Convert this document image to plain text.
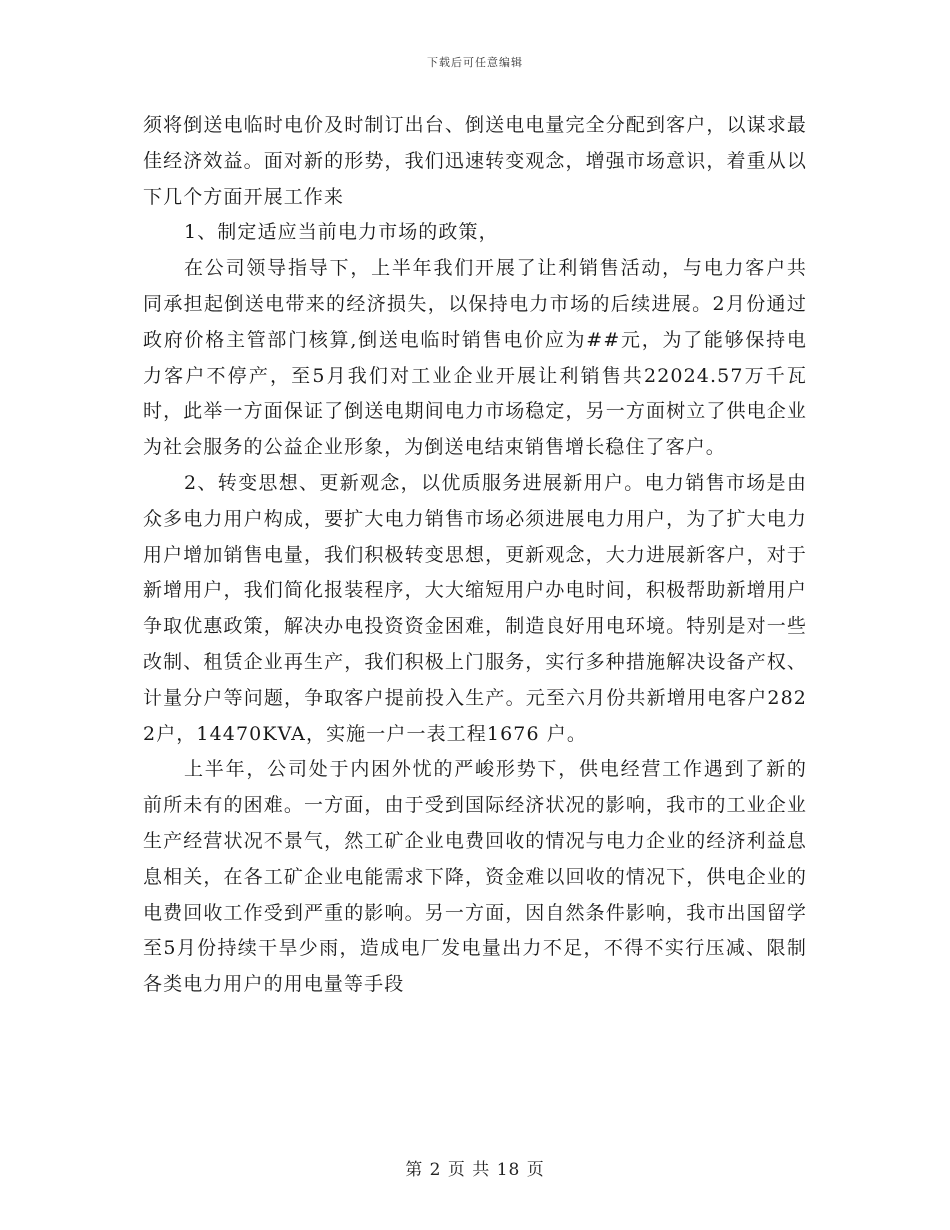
下载后可任意编辑

须将倒送电临时电价及时制订出台、倒送电电量完全分配到客户，以谋求最佳经济效益。面对新的形势，我们迅速转变观念，增强市场意识，着重从以下几个方面开展工作来

1、制定适应当前电力市场的政策，

在公司领导指导下，上半年我们开展了让利销售活动，与电力客户共同承担起倒送电带来的经济损失，以保持电力市场的后续进展。2月份通过政府价格主管部门核算,倒送电临时销售电价应为##元，为了能够保持电力客户不停产，至5月我们对工业企业开展让利销售共22024.57万千瓦时，此举一方面保证了倒送电期间电力市场稳定，另一方面树立了供电企业为社会服务的公益企业形象，为倒送电结束销售增长稳住了客户。

2、转变思想、更新观念，以优质服务进展新用户。电力销售市场是由众多电力用户构成，要扩大电力销售市场必须进展电力用户，为了扩大电力用户增加销售电量，我们积极转变思想，更新观念，大力进展新客户，对于新增用户，我们简化报装程序，大大缩短用户办电时间，积极帮助新增用户争取优惠政策，解决办电投资资金困难，制造良好用电环境。特别是对一些改制、租赁企业再生产，我们积极上门服务，实行多种措施解决设备产权、计量分户等问题，争取客户提前投入生产。元至六月份共新增用电客户2822户，14470KVA，实施一户一表工程1676 户。

上半年，公司处于内困外忧的严峻形势下，供电经营工作遇到了新的前所未有的困难。一方面，由于受到国际经济状况的影响，我市的工业企业生产经营状况不景气，然工矿企业电费回收的情况与电力企业的经济利益息息相关，在各工矿企业电能需求下降，资金难以回收的情况下，供电企业的电费回收工作受到严重的影响。另一方面，因自然条件影响，我市出国留学至5月份持续干旱少雨，造成电厂发电量出力不足，不得不实行压减、限制各类电力用户的用电量等手段

第 2 页 共 18 页
